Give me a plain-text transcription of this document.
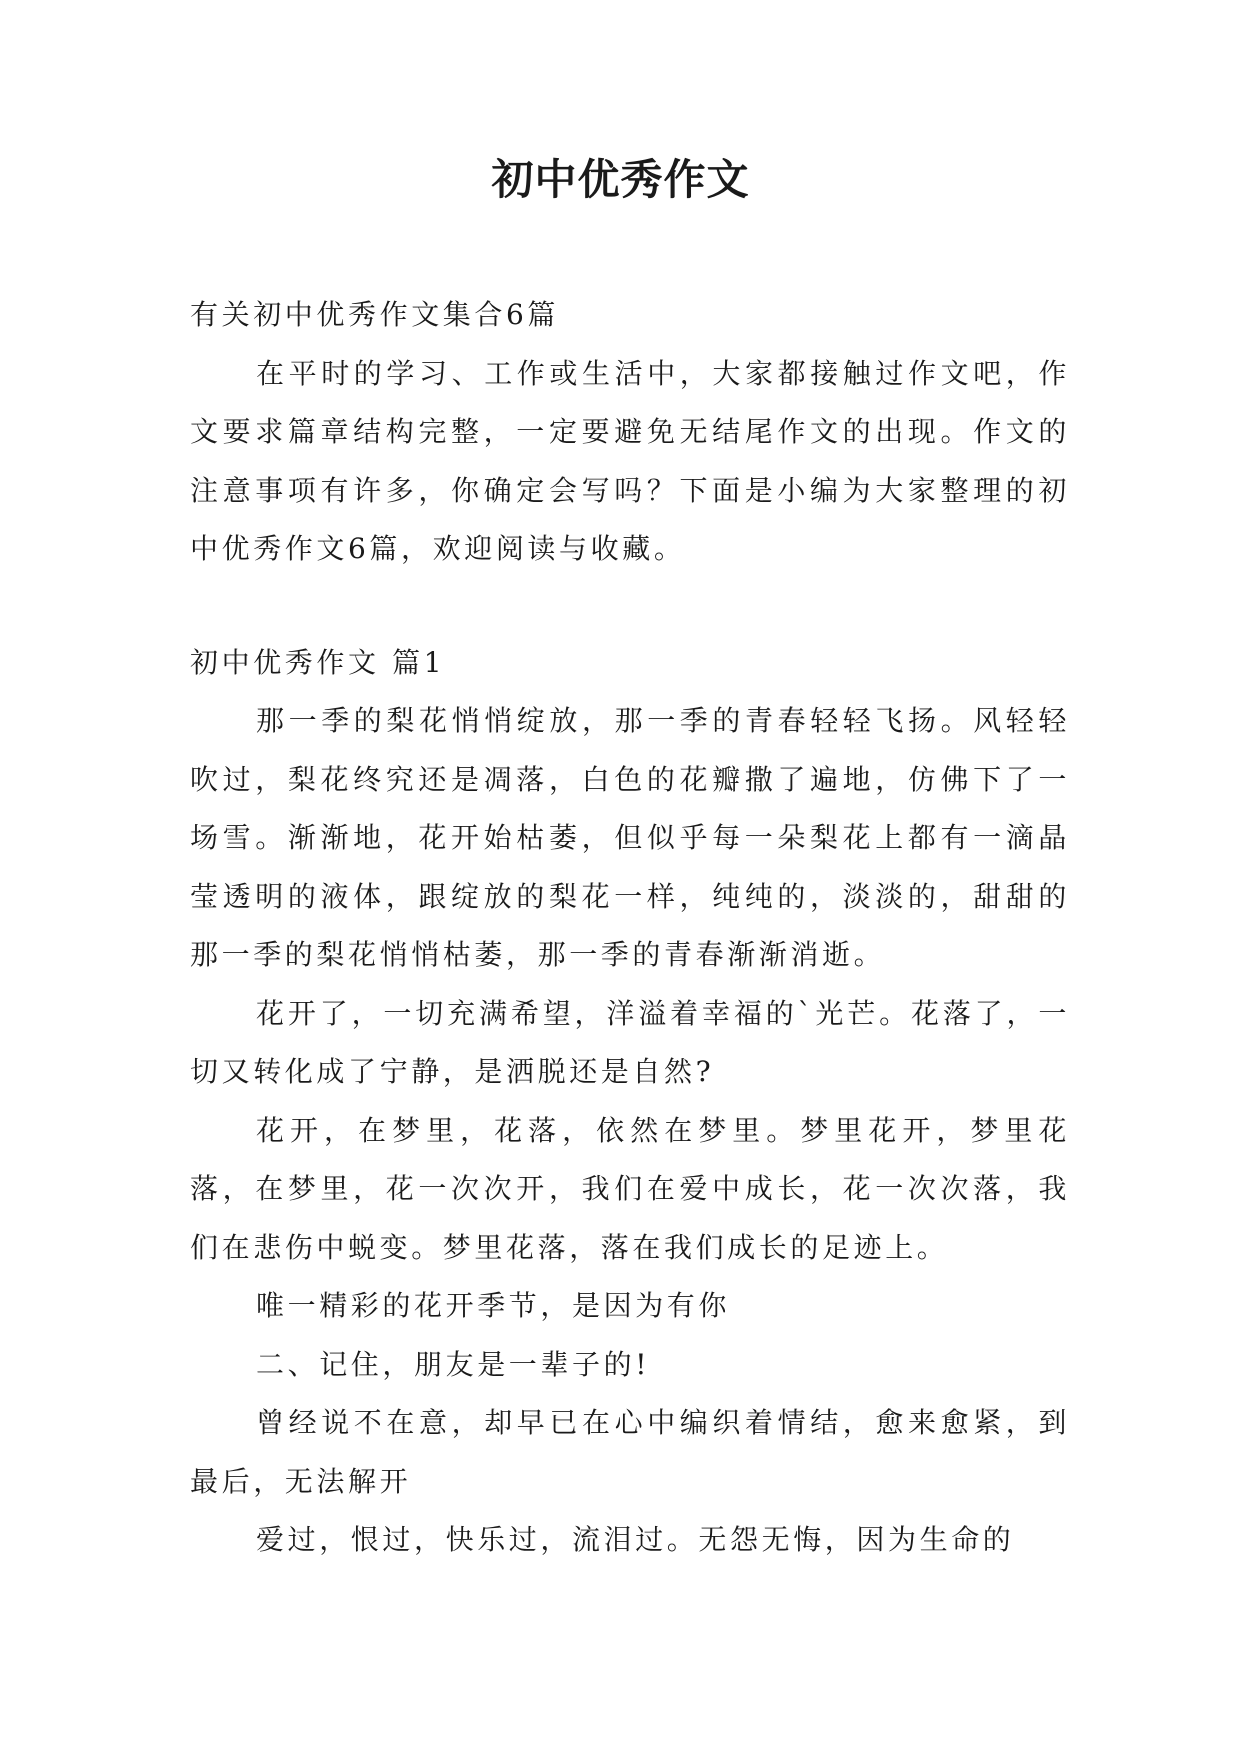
初中优秀作文

有关初中优秀作文集合6篇

在平时的学习、工作或生活中，大家都接触过作文吧，作文要求篇章结构完整，一定要避免无结尾作文的出现。作文的注意事项有许多，你确定会写吗？下面是小编为大家整理的初中优秀作文6篇，欢迎阅读与收藏。

初中优秀作文 篇1

那一季的梨花悄悄绽放，那一季的青春轻轻飞扬。风轻轻吹过，梨花终究还是凋落，白色的花瓣撒了遍地，仿佛下了一场雪。渐渐地，花开始枯萎，但似乎每一朵梨花上都有一滴晶莹透明的液体，跟绽放的梨花一样，纯纯的，淡淡的，甜甜的那一季的梨花悄悄枯萎，那一季的青春渐渐消逝。

花开了，一切充满希望，洋溢着幸福的`光芒。花落了，一切又转化成了宁静，是洒脱还是自然?

花开，在梦里，花落，依然在梦里。梦里花开，梦里花落，在梦里，花一次次开，我们在爱中成长，花一次次落，我们在悲伤中蜕变。梦里花落，落在我们成长的足迹上。

唯一精彩的花开季节，是因为有你

二、记住，朋友是一辈子的!

曾经说不在意，却早已在心中编织着情结，愈来愈紧，到最后，无法解开

爱过，恨过，快乐过，流泪过。无怨无悔，因为生命的
